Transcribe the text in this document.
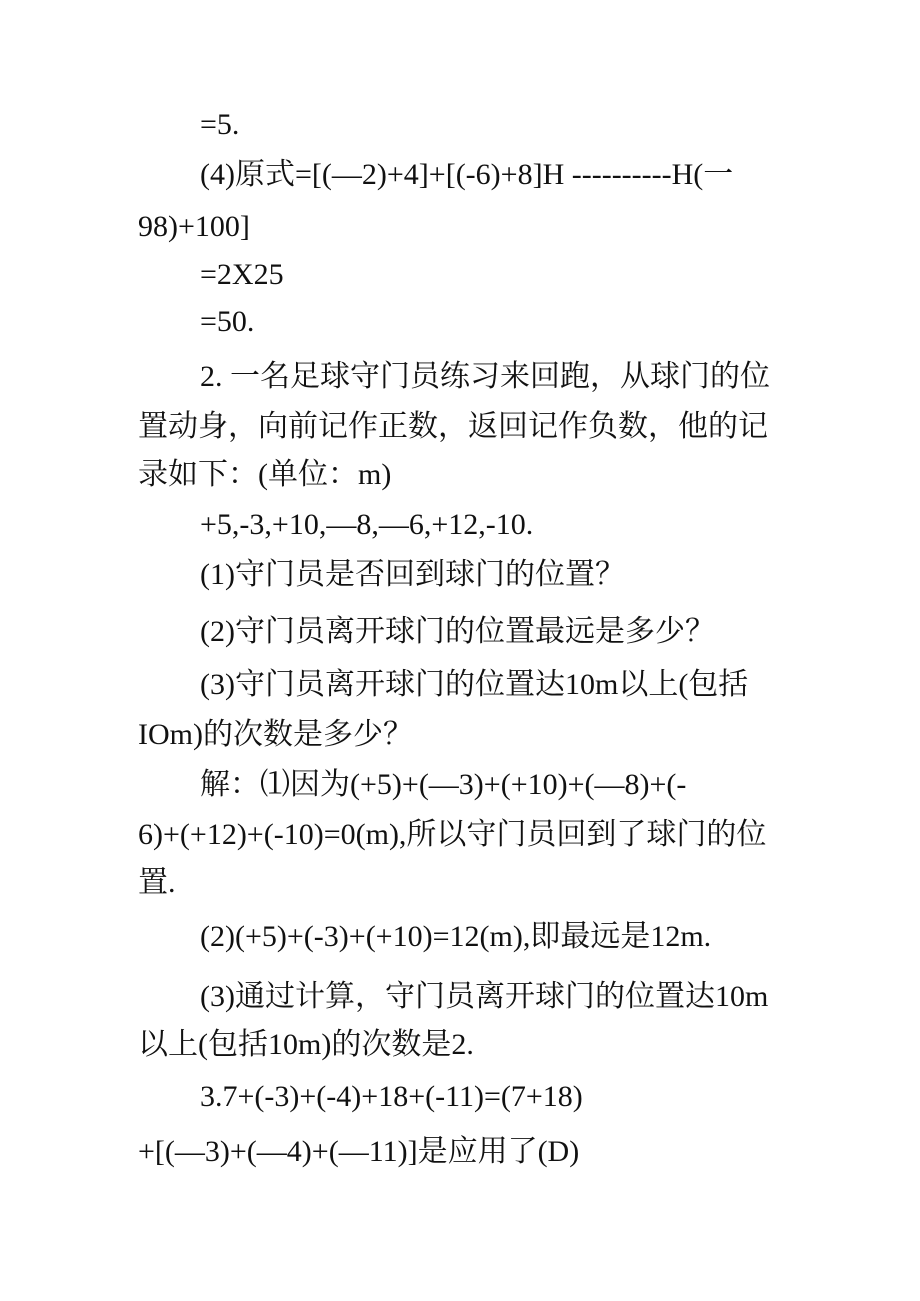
=5.
(4)原式=[(—2)+4]+[(-6)+8]H ----------H(一
98)+100]
=2X25
=50.
2. 一名足球守门员练习来回跑，从球门的位
置动身，向前记作正数，返回记作负数，他的记
录如下：(单位：m)
+5,-3,+10,—8,—6,+12,-10.
(1)守门员是否回到球门的位置？
(2)守门员离开球门的位置最远是多少？
(3)守门员离开球门的位置达10m以上(包括
IOm)的次数是多少？
解：⑴因为(+5)+(—3)+(+10)+(—8)+(-
6)+(+12)+(-10)=0(m),所以守门员回到了球门的位
置.
(2)(+5)+(-3)+(+10)=12(m),即最远是12m.
(3)通过计算，守门员离开球门的位置达10m
以上(包括10m)的次数是2.
3.7+(-3)+(-4)+18+(-11)=(7+18)
+[(—3)+(—4)+(—11)]是应用了(D)
